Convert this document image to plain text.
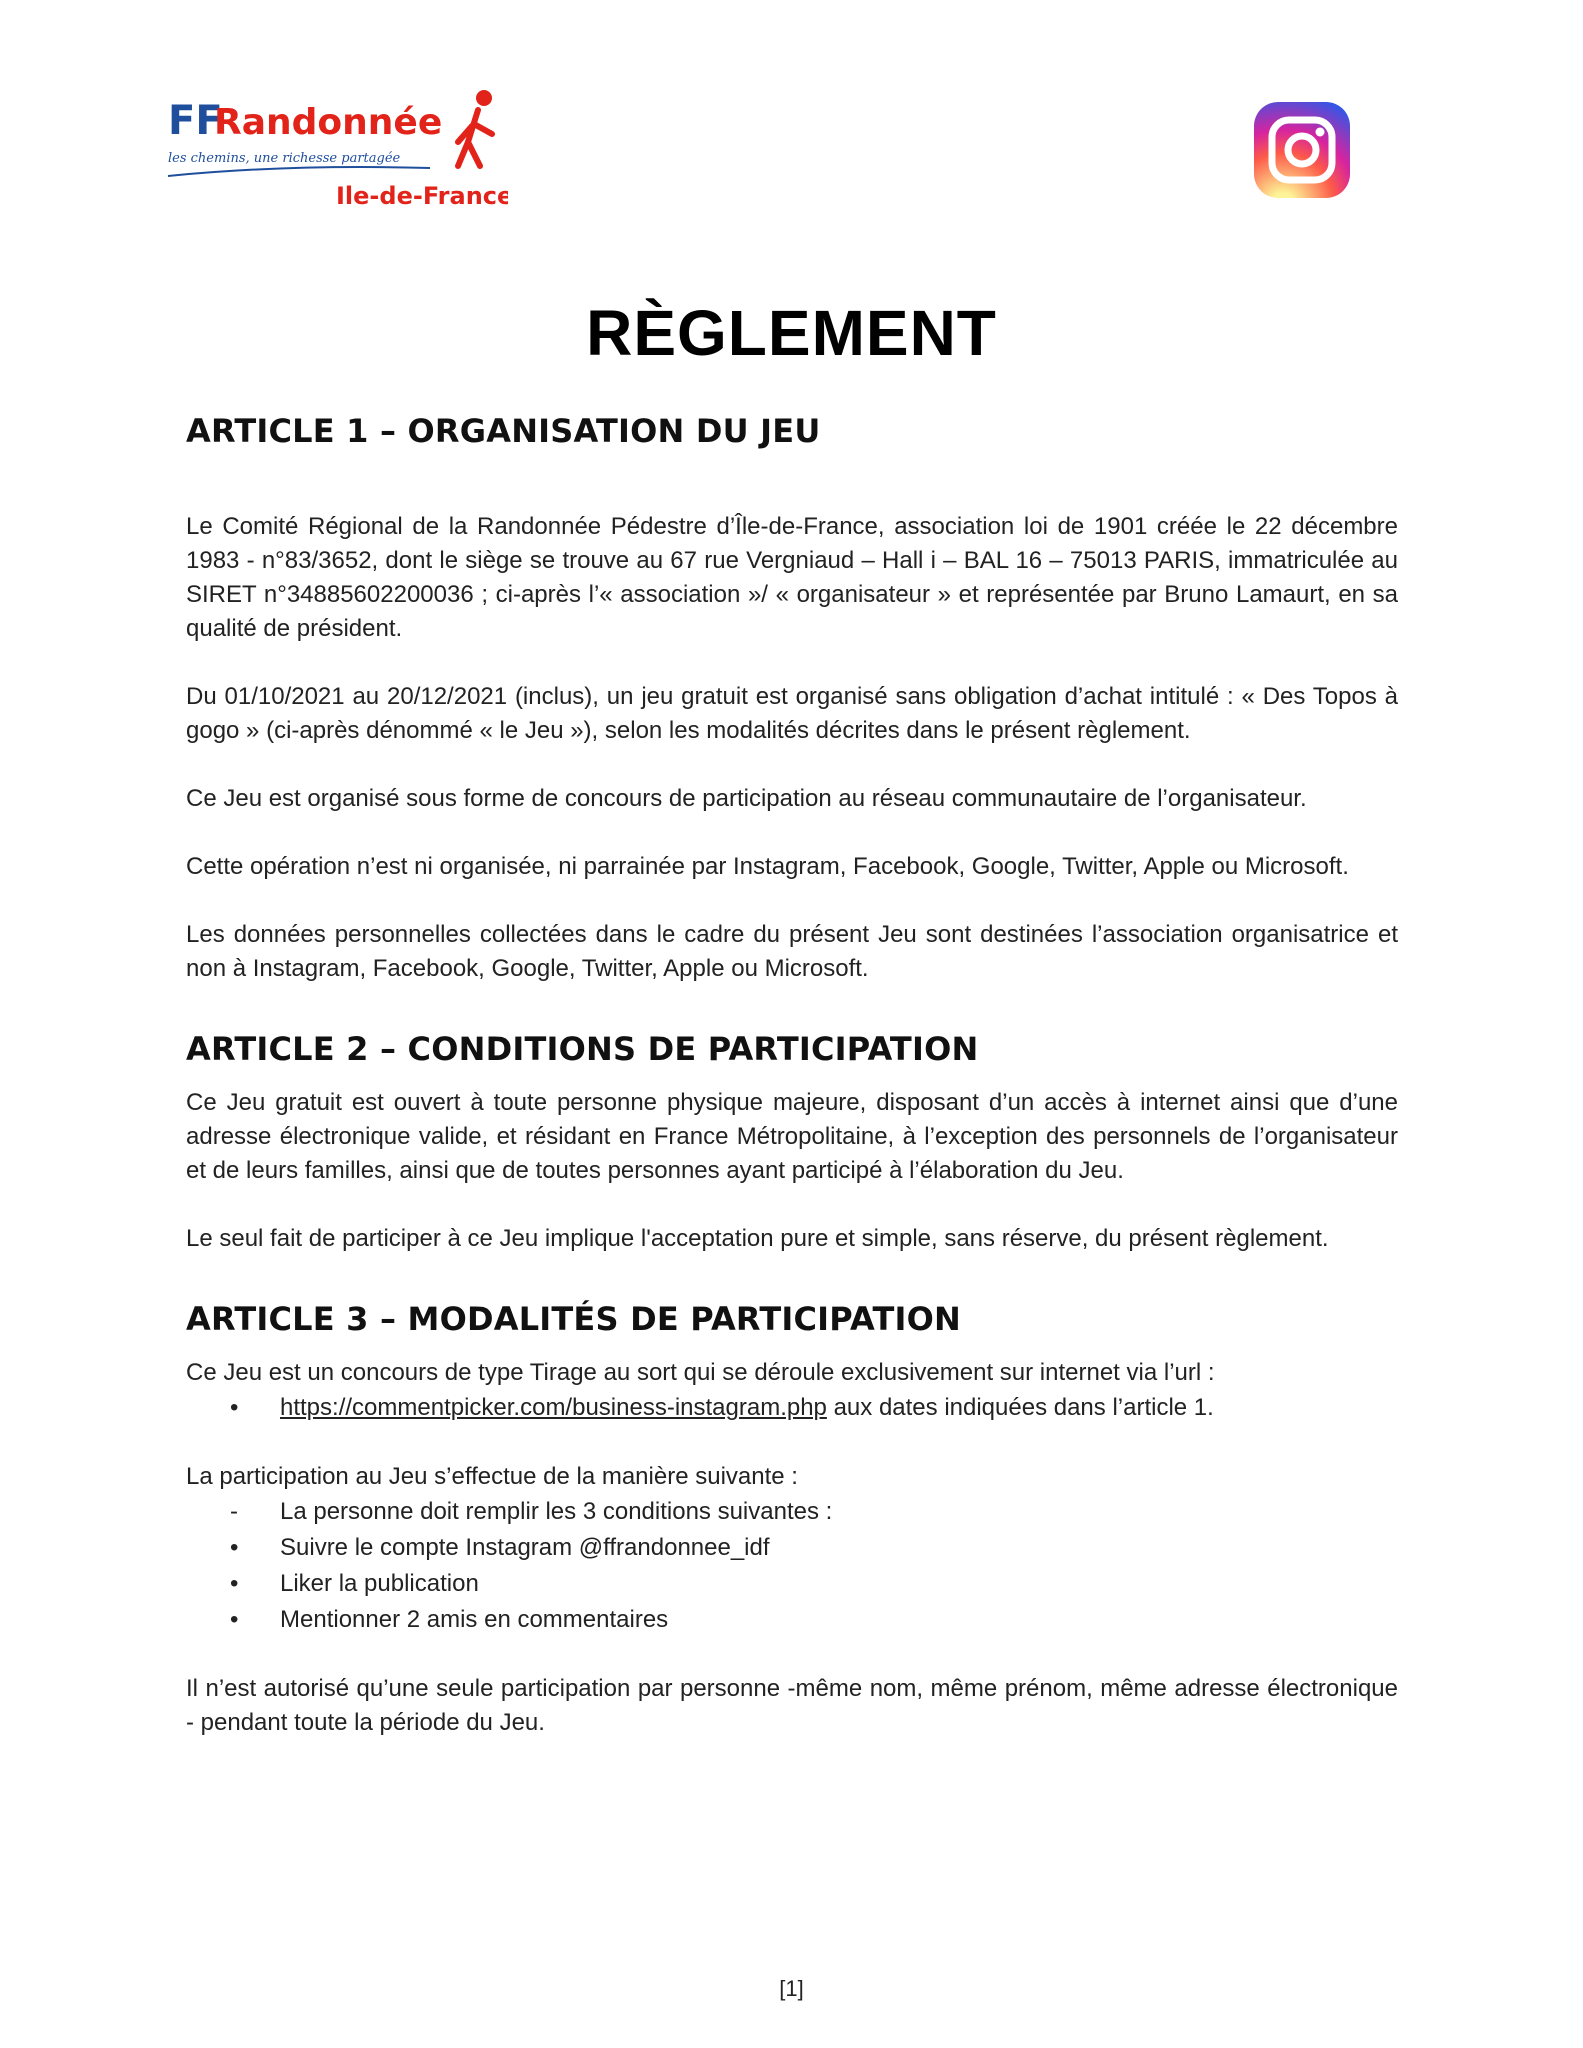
FF
Randonnée
les chemins, une richesse partagée
Ile-de-France
RÈGLEMENT
ARTICLE 1 – ORGANISATION DU JEU

Le Comité Régional de la Randonnée Pédestre d’Île-de-France, association loi de 1901 créée le 22 décembre 1983 - n°83/3652, dont le siège se trouve au 67 rue Vergniaud – Hall i – BAL 16 – 75013 PARIS, immatriculée au SIRET n°34885602200036 ; ci-après l’« association »/ « organisateur » et représentée par Bruno Lamaurt, en sa qualité de président.

Du 01/10/2021 au 20/12/2021 (inclus), un jeu gratuit est organisé sans obligation d’achat intitulé : « Des Topos à gogo » (ci-après dénommé « le Jeu »), selon les modalités décrites dans le présent règlement.

Ce Jeu est organisé sous forme de concours de participation au réseau communautaire de l’organisateur.

Cette opération n’est ni organisée, ni parrainée par Instagram, Facebook, Google, Twitter, Apple ou Microsoft.

Les données personnelles collectées dans le cadre du présent Jeu sont destinées l’association organisatrice et non à Instagram, Facebook, Google, Twitter, Apple ou Microsoft.

ARTICLE 2 – CONDITIONS DE PARTICIPATION

Ce Jeu gratuit est ouvert à toute personne physique majeure, disposant d’un accès à internet ainsi que d’une adresse électronique valide, et résidant en France Métropolitaine, à l’exception des personnels de l’organisateur et de leurs familles, ainsi que de toutes personnes ayant participé à l’élaboration du Jeu.

Le seul fait de participer à ce Jeu implique l'acceptation pure et simple, sans réserve, du présent règlement.

ARTICLE 3 – MODALITÉS DE PARTICIPATION

Ce Jeu est un concours de type Tirage au sort qui se déroule exclusivement sur internet via l’url :

• https://commentpicker.com/business-instagram.php aux dates indiquées dans l’article 1.

La participation au Jeu s’effectue de la manière suivante :

- La personne doit remplir les 3 conditions suivantes :
• Suivre le compte Instagram @ffrandonnee_idf
• Liker la publication
• Mentionner 2 amis en commentaires

Il n’est autorisé qu’une seule participation par personne -même nom, même prénom, même adresse électronique - pendant toute la période du Jeu.

[1]
